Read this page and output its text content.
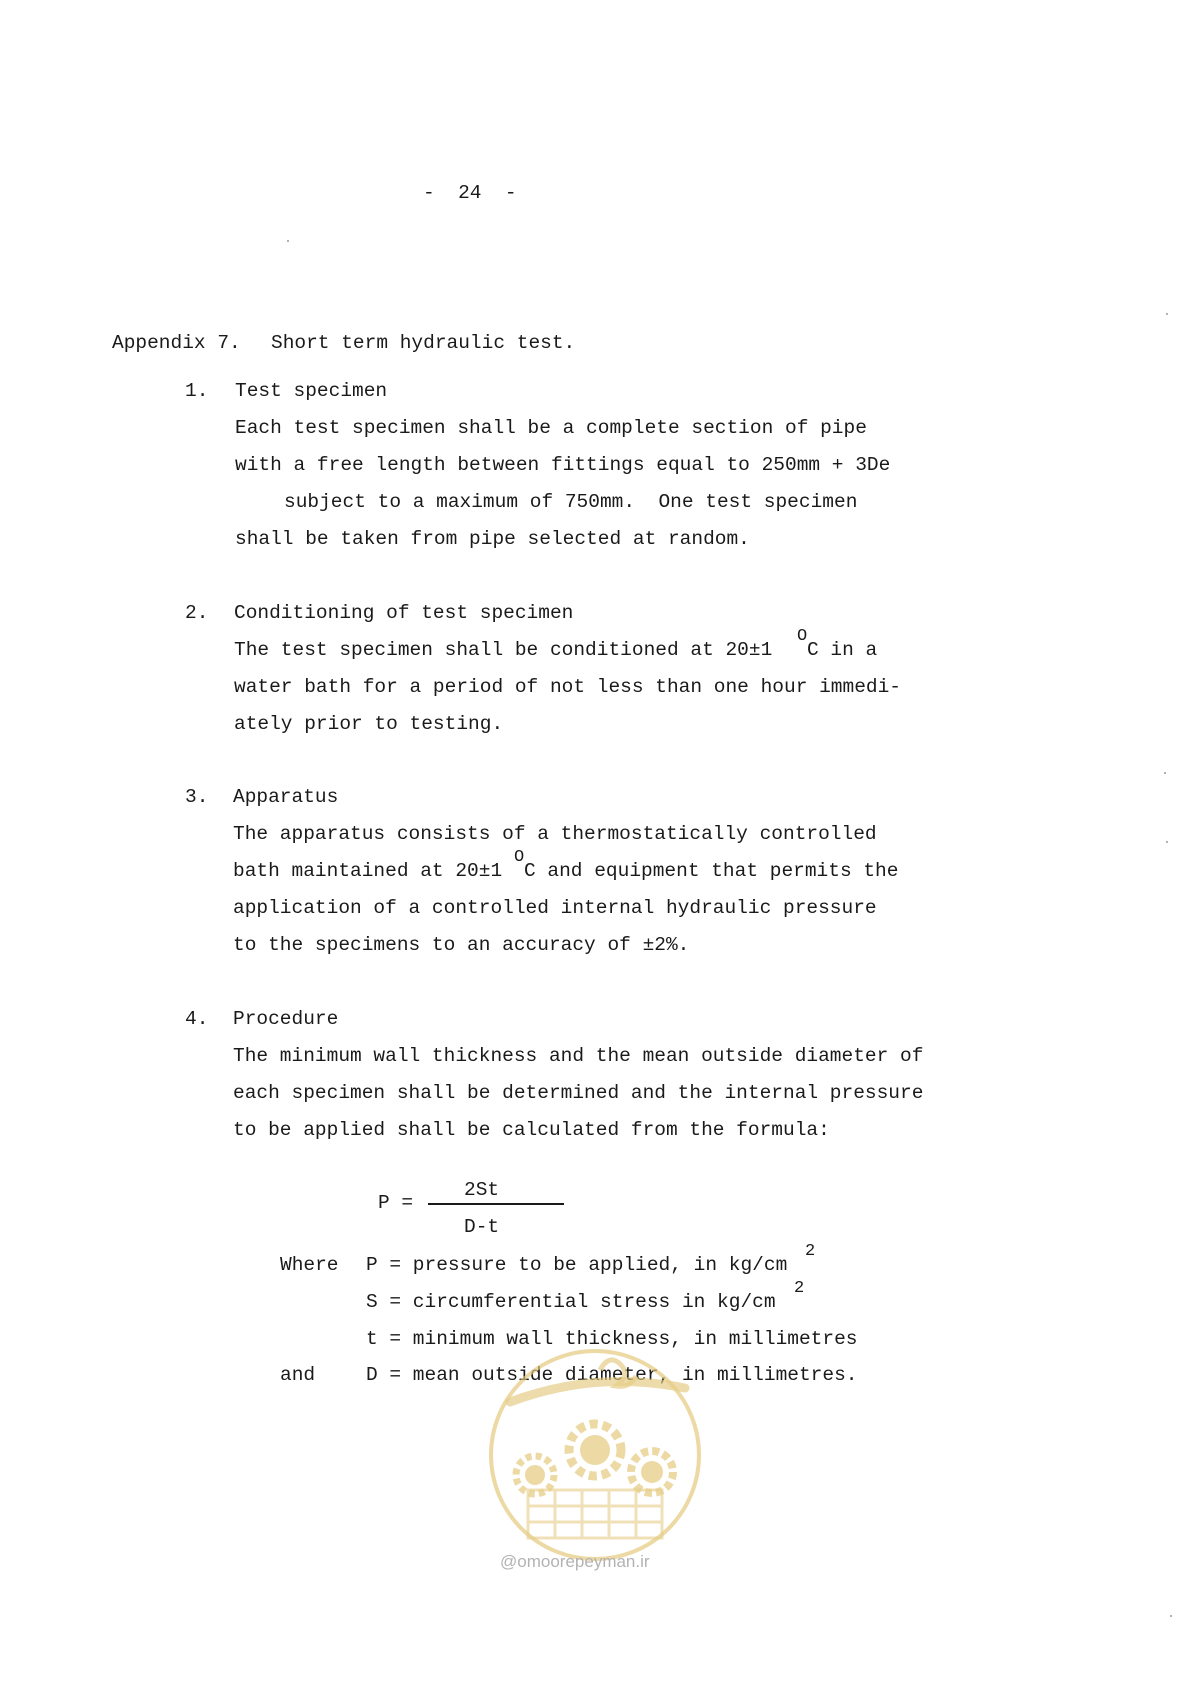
-  24  -
Appendix 7. Short term hydraulic test.
1. Test specimen
Each test specimen shall be a complete section of pipe
with a free length between fittings equal to 250mm + 3De
subject to a maximum of 750mm.  One test specimen
shall be taken from pipe selected at random.
2. Conditioning of test specimen
The test specimen shall be conditioned at 20±1
O
C in a
water bath for a period of not less than one hour immedi-
ately prior to testing.
3. Apparatus
The apparatus consists of a thermostatically controlled
bath maintained at 20±1
O
C and equipment that permits the
application of a controlled internal hydraulic pressure
to the specimens to an accuracy of ±2%.
4. Procedure
The minimum wall thickness and the mean outside diameter of
each specimen shall be determined and the internal pressure
to be applied shall be calculated from the formula:
P =
2St
D-t
Where P = pressure to be applied, in kg/cm
2
S = circumferential stress in kg/cm
2
t = minimum wall thickness, in millimetres
and	D = mean outside diameter, in millimetres.
@omoorepeyman.ir
